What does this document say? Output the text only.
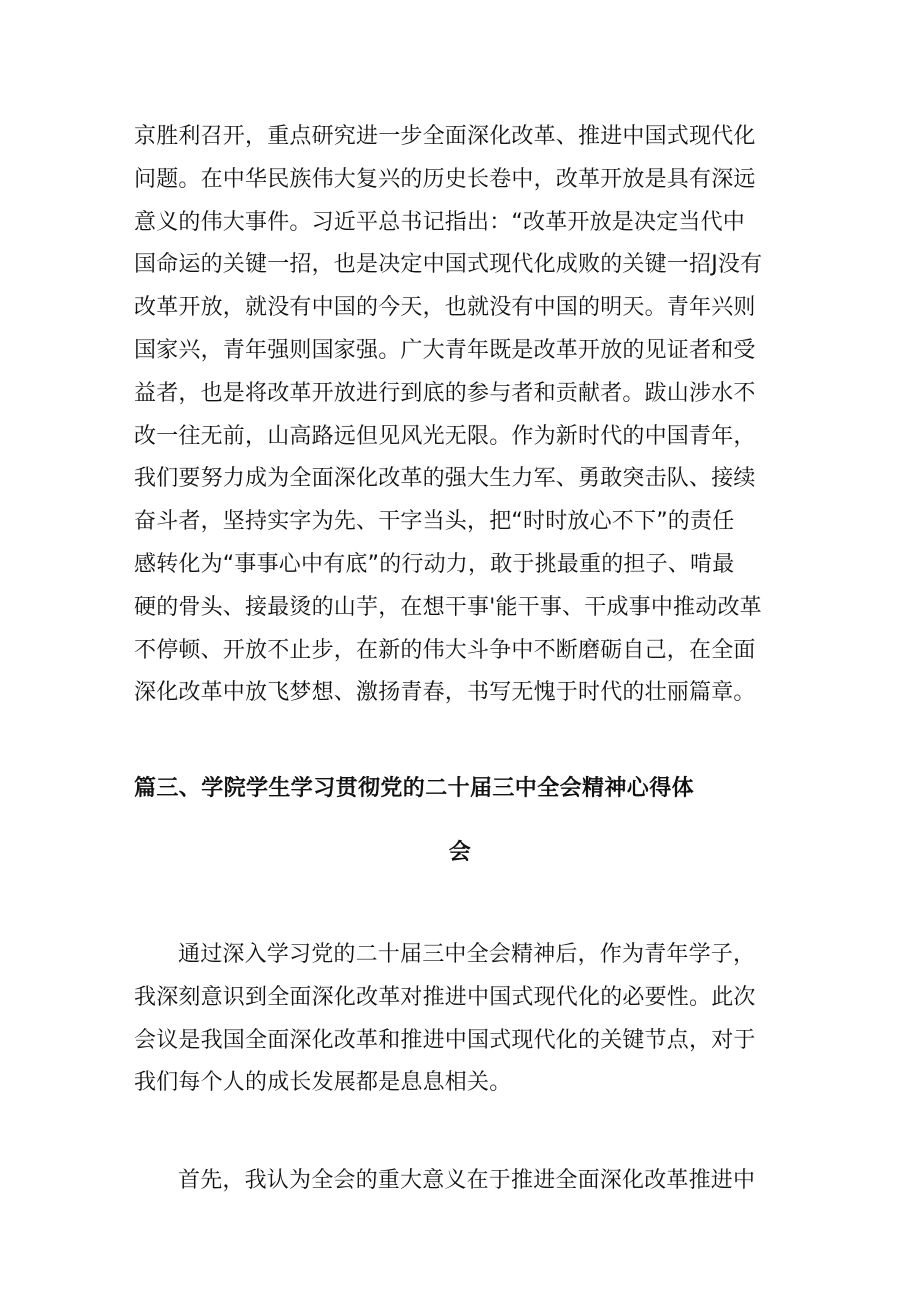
京胜利召开，重点研究进一步全面深化改革、推进中国式现代化
问题。在中华民族伟大复兴的历史长卷中，改革开放是具有深远
意义的伟大事件。习近平总书记指出：“改革开放是决定当代中
国命运的关键一招，也是决定中国式现代化成败的关键一招J没有
改革开放，就没有中国的今天，也就没有中国的明天。青年兴则
国家兴，青年强则国家强。广大青年既是改革开放的见证者和受
益者，也是将改革开放进行到底的参与者和贡献者。跋山涉水不
改一往无前，山高路远但见风光无限。作为新时代的中国青年，
我们要努力成为全面深化改革的强大生力军、勇敢突击队、接续
奋斗者，坚持实字为先、干字当头，把“时时放心不下”的责任
感转化为“事事心中有底”的行动力，敢于挑最重的担子、啃最
硬的骨头、接最烫的山芋，在想干事'能干事、干成事中推动改革
不停顿、开放不止步，在新的伟大斗争中不断磨砺自己，在全面
深化改革中放飞梦想、激扬青春，书写无愧于时代的壮丽篇章。
篇三、学院学生学习贯彻党的二十届三中全会精神心得体
会
通过深入学习党的二十届三中全会精神后，作为青年学子，
我深刻意识到全面深化改革对推进中国式现代化的必要性。此次
会议是我国全面深化改革和推进中国式现代化的关键节点，对于
我们每个人的成长发展都是息息相关。
首先，我认为全会的重大意义在于推进全面深化改革推进中
